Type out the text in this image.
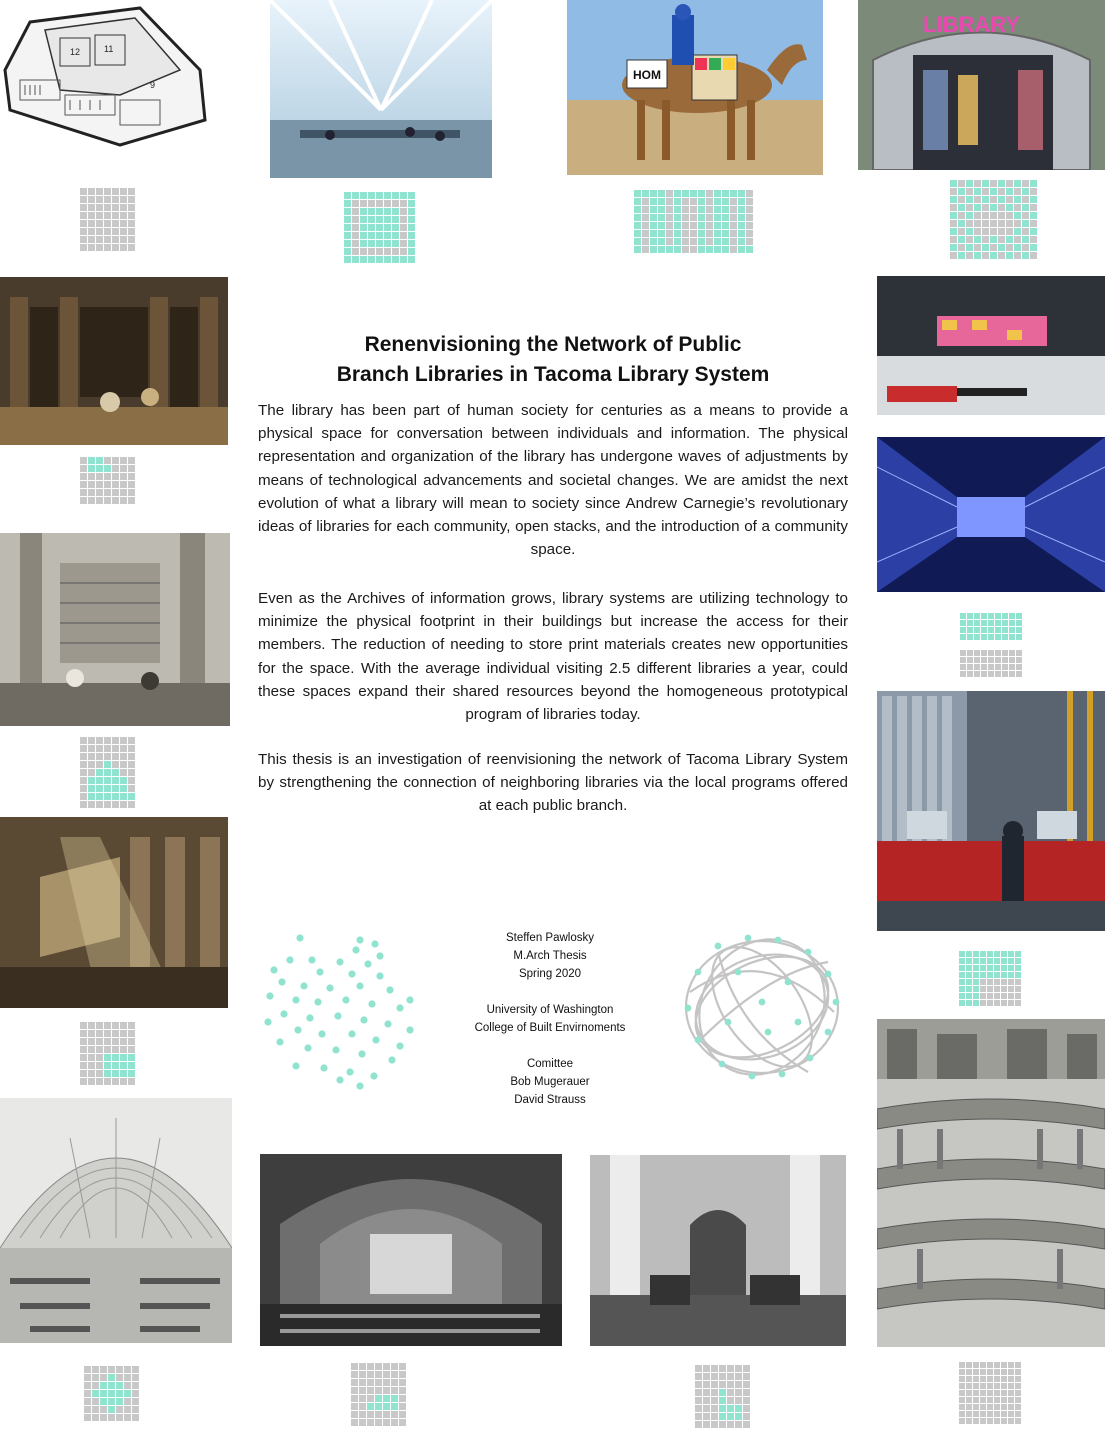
12	11
9
HOM
LIBRARY
Renenvisioning the Network of Public
Branch Libraries in Tacoma Library System

The library has been part of human society for centuries as a means to provide a physical space for conversation between individuals and information. The physical representation and organization of the library has undergone waves of adjustments by means of technological advancements and societal changes. We are amidst the next evolution of what a library will mean to society since Andrew Carnegie’s revolutionary ideas of libraries for each community, open stacks, and the introduction of a community space.

Even as the Archives of information grows, library systems are utilizing technology to minimize the physical footprint in their buildings but increase the access for their members. The reduction of needing to store print materials creates new opportunities for the space. With the average individual visiting 2.5 different libraries a year, could these spaces expand their shared resources beyond the homogeneous prototypical program of libraries today.

This thesis is an investigation of reenvisioning the network of Tacoma Library System by strengthening the connection of neighboring libraries via the local programs offered at each public branch.

Steffen Pawlosky
M.Arch Thesis
Spring 2020
University of Washington
College of Built Envirnoments
Comittee
Bob Mugerauer
David Strauss
